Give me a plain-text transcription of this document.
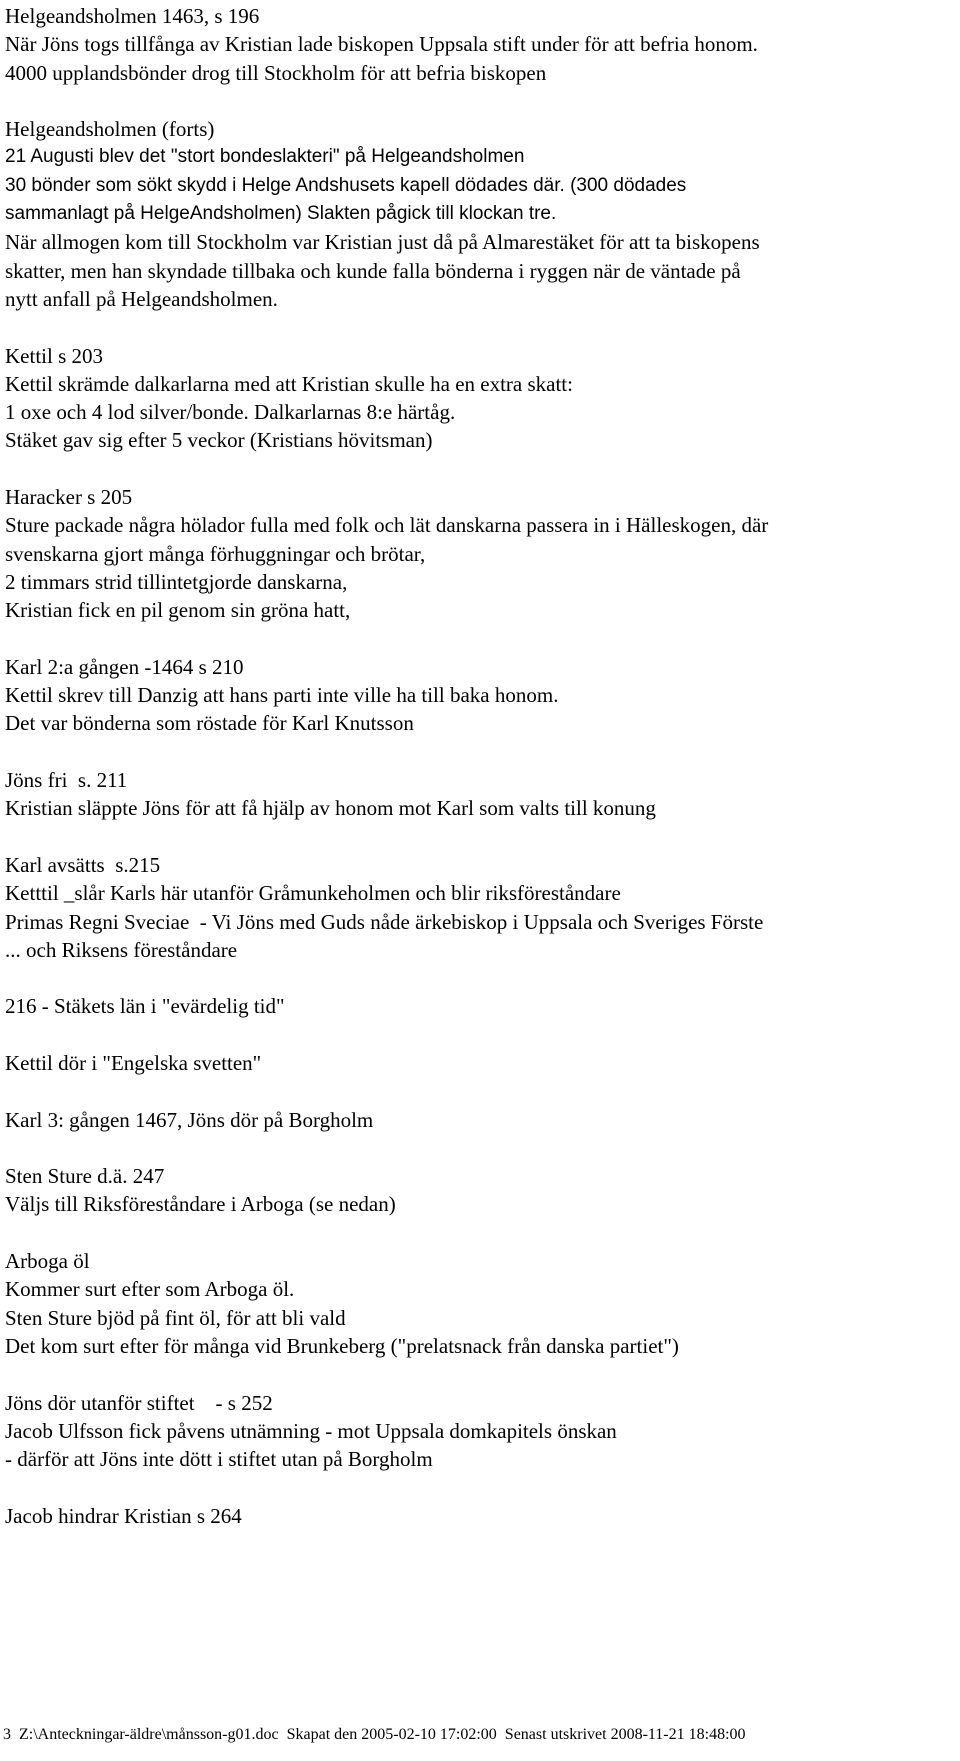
Helgeandsholmen 1463, s 196
När Jöns togs tillfånga av Kristian lade biskopen Uppsala stift under för att befria honom.
4000 upplandsbönder drog till Stockholm för att befria biskopen
Helgeandsholmen (forts)
21 Augusti blev det "stort bondeslakteri" på Helgeandsholmen
30 bönder som sökt skydd i Helge Andshusets kapell dödades där. (300 dödades
sammanlagt på HelgeAndsholmen) Slakten pågick till klockan tre.
När allmogen kom till Stockholm var Kristian just då på Almarestäket för att ta biskopens
skatter, men han skyndade tillbaka och kunde falla bönderna i ryggen när de väntade på
nytt anfall på Helgeandsholmen.
Kettil s 203
Kettil skrämde dalkarlarna med att Kristian skulle ha en extra skatt:
1 oxe och 4 lod silver/bonde. Dalkarlarnas 8:e härtåg.
Stäket gav sig efter 5 veckor (Kristians hövitsman)
Haracker s 205
Sture packade några hölador fulla med folk och lät danskarna passera in i Hälleskogen, där
svenskarna gjort många förhuggningar och brötar,
2 timmars strid tillintetgjorde danskarna,
Kristian fick en pil genom sin gröna hatt,
Karl 2:a gången -1464 s 210
Kettil skrev till Danzig att hans parti inte ville ha till baka honom.
Det var bönderna som röstade för Karl Knutsson
Jöns fri  s. 211
Kristian släppte Jöns för att få hjälp av honom mot Karl som valts till konung
Karl avsätts  s.215
Ketttil _slår Karls här utanför Gråmunkeholmen och blir riksföreståndare
Primas Regni Sveciae  - Vi Jöns med Guds nåde ärkebiskop i Uppsala och Sveriges Förste
... och Riksens föreståndare
216 - Stäkets län i "evärdelig tid"
Kettil dör i "Engelska svetten"
Karl 3: gången 1467, Jöns dör på Borgholm
Sten Sture d.ä. 247
Väljs till Riksföreståndare i Arboga (se nedan)
Arboga öl
Kommer surt efter som Arboga öl.
Sten Sture bjöd på fint öl, för att bli vald
Det kom surt efter för många vid Brunkeberg ("prelatsnack från danska partiet")
Jöns dör utanför stiftet    - s 252
Jacob Ulfsson fick påvens utnämning - mot Uppsala domkapitels önskan
- därför att Jöns inte dött i stiftet utan på Borgholm
Jacob hindrar Kristian s 264
3  Z:\Anteckningar-äldre\månsson-g01.doc  Skapat den 2005-02-10 17:02:00  Senast utskrivet 2008-11-21 18:48:00
